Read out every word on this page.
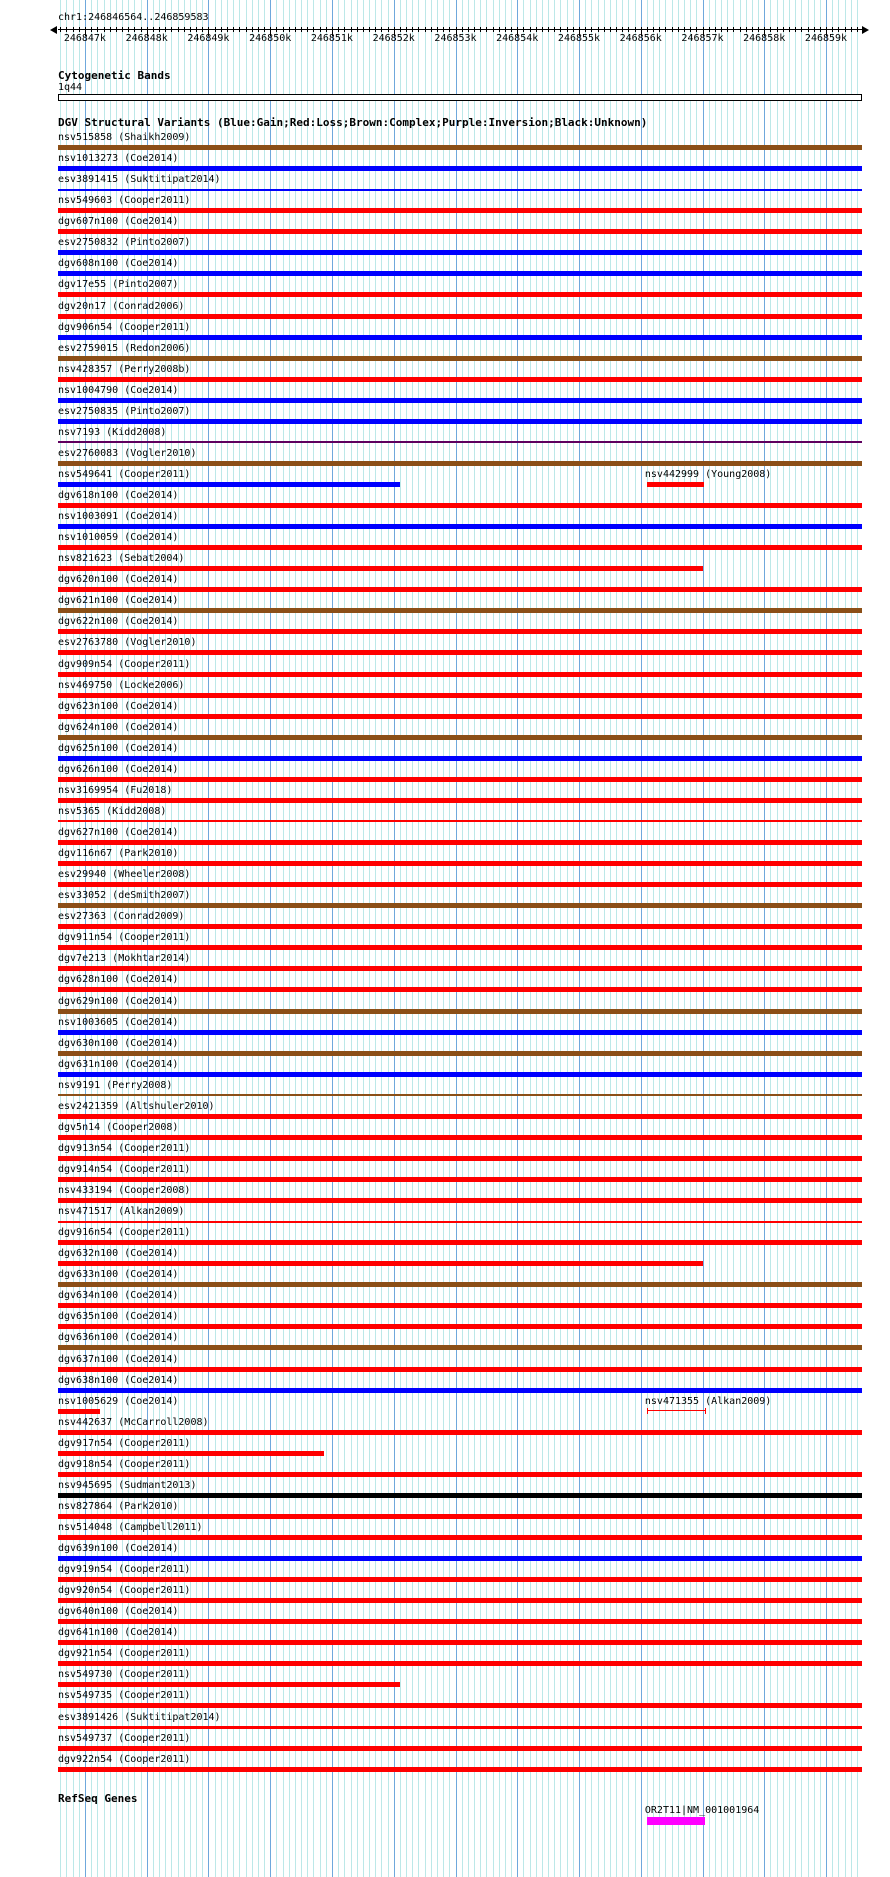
chr1:246846564..246859583
246847k	246848k	246849k	246850k	246851k	246852k	246853k	246854k	246855k	246856k	246857k	246858k	246859k
Cytogenetic Bands
1q44
DGV Structural Variants (Blue:Gain;Red:Loss;Brown:Complex;Purple:Inversion;Black:Unknown)
nsv515858 (Shaikh2009)
nsv1013273 (Coe2014)
esv3891415 (Suktitipat2014)
nsv549603 (Cooper2011)
dgv607n100 (Coe2014)
esv2750832 (Pinto2007)
dgv608n100 (Coe2014)
dgv17e55 (Pinto2007)
dgv20n17 (Conrad2006)
dgv906n54 (Cooper2011)
esv2759015 (Redon2006)
nsv428357 (Perry2008b)
nsv1004790 (Coe2014)
esv2750835 (Pinto2007)
nsv7193 (Kidd2008)
esv2760083 (Vogler2010)
nsv549641 (Cooper2011)	nsv442999 (Young2008)
dgv618n100 (Coe2014)
nsv1003091 (Coe2014)
nsv1010059 (Coe2014)
nsv821623 (Sebat2004)
dgv620n100 (Coe2014)
dgv621n100 (Coe2014)
dgv622n100 (Coe2014)
esv2763780 (Vogler2010)
dgv909n54 (Cooper2011)
nsv469750 (Locke2006)
dgv623n100 (Coe2014)
dgv624n100 (Coe2014)
dgv625n100 (Coe2014)
dgv626n100 (Coe2014)
nsv3169954 (Fu2018)
nsv5365 (Kidd2008)
dgv627n100 (Coe2014)
dgv116n67 (Park2010)
esv29940 (Wheeler2008)
esv33052 (deSmith2007)
esv27363 (Conrad2009)
dgv911n54 (Cooper2011)
dgv7e213 (Mokhtar2014)
dgv628n100 (Coe2014)
dgv629n100 (Coe2014)
nsv1003605 (Coe2014)
dgv630n100 (Coe2014)
dgv631n100 (Coe2014)
nsv9191 (Perry2008)
esv2421359 (Altshuler2010)
dgv5n14 (Cooper2008)
dgv913n54 (Cooper2011)
dgv914n54 (Cooper2011)
nsv433194 (Cooper2008)
nsv471517 (Alkan2009)
dgv916n54 (Cooper2011)
dgv632n100 (Coe2014)
dgv633n100 (Coe2014)
dgv634n100 (Coe2014)
dgv635n100 (Coe2014)
dgv636n100 (Coe2014)
dgv637n100 (Coe2014)
dgv638n100 (Coe2014)
nsv1005629 (Coe2014)	nsv471355 (Alkan2009)
nsv442637 (McCarroll2008)
dgv917n54 (Cooper2011)
dgv918n54 (Cooper2011)
nsv945695 (Sudmant2013)
nsv827864 (Park2010)
nsv514048 (Campbell2011)
dgv639n100 (Coe2014)
dgv919n54 (Cooper2011)
dgv920n54 (Cooper2011)
dgv640n100 (Coe2014)
dgv641n100 (Coe2014)
dgv921n54 (Cooper2011)
nsv549730 (Cooper2011)
nsv549735 (Cooper2011)
esv3891426 (Suktitipat2014)
nsv549737 (Cooper2011)
dgv922n54 (Cooper2011)
RefSeq Genes
OR2T11|NM_001001964
